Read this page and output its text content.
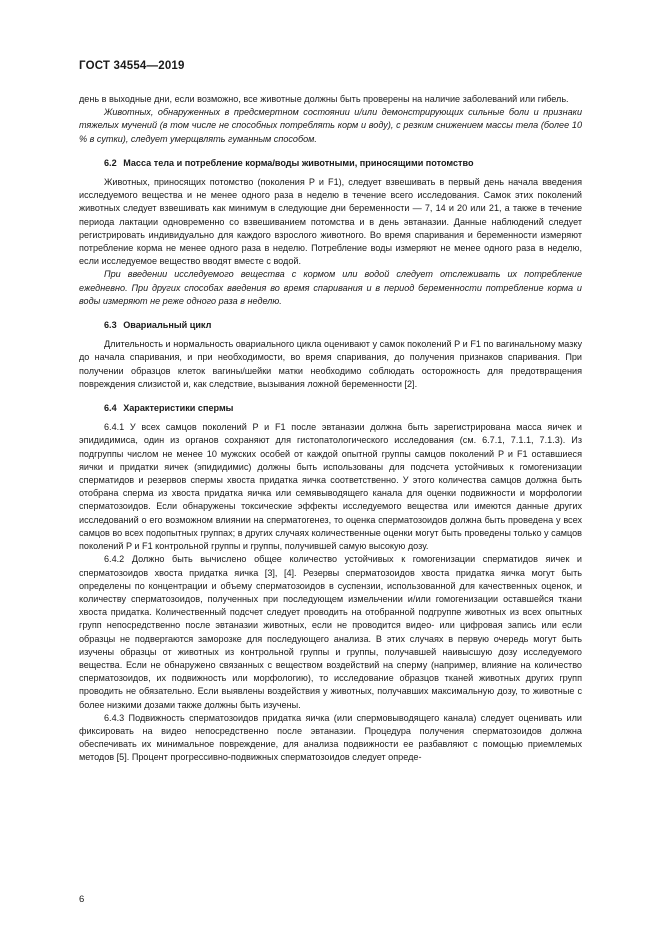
ГОСТ 34554—2019

день в выходные дни, если возможно, все животные должны быть проверены на наличие заболеваний или гибель.

Животных, обнаруженных в предсмертном состоянии и/или демонстрирующих сильные боли и признаки тяжелых мучений (в том числе не способных потреблять корм и воду), с резким снижением массы тела (более 10 % в сутки), следует умерщвлять гуманным способом.

6.2 Масса тела и потребление корма/воды животными, приносящими потомство

Животных, приносящих потомство (поколения P и F1), следует взвешивать в первый день начала введения исследуемого вещества и не менее одного раза в неделю в течение всего исследования. Самок этих поколений животных следует взвешивать как минимум в следующие дни беременности — 7, 14 и 20 или 21, а также в течение периода лактации одновременно со взвешиванием потомства и в день эвтаназии. Данные наблюдений следует регистрировать индивидуально для каждого взрослого животного. Во время спаривания и беременности измеряют потребление корма не менее одного раза в неделю. Потребление воды измеряют не менее одного раза в неделю, если исследуемое вещество вводят вместе с водой.

При введении исследуемого вещества с кормом или водой следует отслеживать их потребление ежедневно. При других способах введения во время спаривания и в период беременности потребление корма и воды измеряют не реже одного раза в неделю.

6.3 Овариальный цикл

Длительность и нормальность овариального цикла оценивают у самок поколений P и F1 по вагинальному мазку до начала спаривания, и при необходимости, во время спаривания, до получения признаков спаривания. При получении образцов клеток вагины/шейки матки необходимо соблюдать осторожность для предотвращения повреждения слизистой и, как следствие, вызывания ложной беременности [2].

6.4 Характеристики спермы

6.4.1 У всех самцов поколений P и F1 после эвтаназии должна быть зарегистрирована масса яичек и эпидидимиса, один из органов сохраняют для гистопатологического исследования (см. 6.7.1, 7.1.1, 7.1.3). Из подгруппы числом не менее 10 мужских особей от каждой опытной группы самцов поколений P и F1 оставшиеся яички и придатки яичек (эпидидимис) должны быть использованы для подсчета устойчивых к гомогенизации сперматидов и резервов спермы хвоста придатка яичка соответственно. У этого количества самцов должна быть отобрана сперма из хвоста придатка яичка или семявыводящего канала для оценки подвижности и морфологии сперматозоидов. Если обнаружены токсические эффекты исследуемого вещества или имеются данные других исследований о его возможном влиянии на сперматогенез, то оценка сперматозоидов должна быть проведена у всех самцов во всех подопытных группах; в других случаях количественные оценки могут быть проведены только у самцов поколений P и F1 контрольной группы и группы, получившей самую высокую дозу.

6.4.2 Должно быть вычислено общее количество устойчивых к гомогенизации сперматидов яичек и сперматозоидов хвоста придатка яичка [3], [4]. Резервы сперматозоидов хвоста придатка яичка могут быть определены по концентрации и объему сперматозоидов в суспензии, использованной для качественных оценок, и количеству сперматозоидов, полученных при последующем измельчении и/или гомогенизации оставшейся ткани хвоста придатка. Количественный подсчет следует проводить на отобранной подгруппе животных из всех опытных групп непосредственно после эвтаназии животных, если не проводится видео- или цифровая запись или если образцы не подвергаются заморозке для последующего анализа. В этих случаях в первую очередь могут быть изучены образцы от животных из контрольной группы и группы, получавшей наивысшую дозу исследуемого вещества. Если не обнаружено связанных с веществом воздействий на сперму (например, влияние на количество сперматозоидов, их подвижность или морфологию), то исследование образцов тканей животных других групп проводить не обязательно. Если выявлены воздействия у животных, получавших максимальную дозу, то животные с более низкими дозами также должны быть изучены.

6.4.3 Подвижность сперматозоидов придатка яичка (или спермовыводящего канала) следует оценивать или фиксировать на видео непосредственно после эвтаназии. Процедура получения сперматозоидов должна обеспечивать их минимальное повреждение, для анализа подвижности ее разбавляют с помощью приемлемых методов [5]. Процент прогрессивно-подвижных сперматозоидов следует опреде-

6
